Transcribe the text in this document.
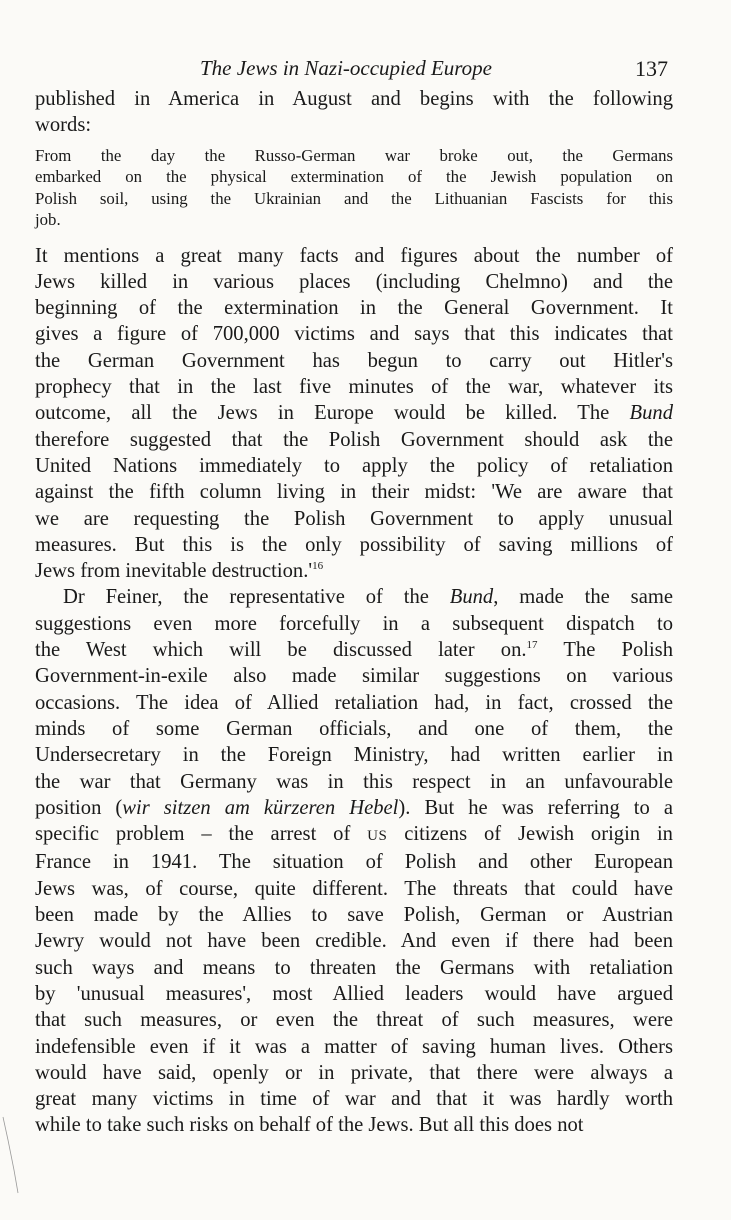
The Jews in Nazi-occupied Europe	137
published in America in August and begins with the following
words:
From the day the Russo-German war broke out, the Germans
embarked on the physical extermination of the Jewish population on
Polish soil, using the Ukrainian and the Lithuanian Fascists for this
job.
It mentions a great many facts and figures about the number of
Jews killed in various places (including Chelmno) and the
beginning of the extermination in the General Government. It
gives a figure of 700,000 victims and says that this indicates that
the German Government has begun to carry out Hitler's
prophecy that in the last five minutes of the war, whatever its
outcome, all the Jews in Europe would be killed. The Bund
therefore suggested that the Polish Government should ask the
United Nations immediately to apply the policy of retaliation
against the fifth column living in their midst: 'We are aware that
we are requesting the Polish Government to apply unusual
measures. But this is the only possibility of saving millions of
Jews from inevitable $destruction.'^{16}$
Dr Feiner, the representative of the Bund, made the same
suggestions even more forcefully in a subsequent dispatch to
the West which will be discussed later on.$^{17}$ The Polish
Government-in-exile also made similar suggestions on various
occasions. The idea of Allied retaliation had, in fact, crossed the
minds of some German officials, and one of them, the
Undersecretary in the Foreign Ministry, had written earlier in
the war that Germany was in this respect in an unfavourable
position (wir sitzen am kürzeren Hebel). But he was referring to a
specific problem – the arrest of US citizens of Jewish origin in
France in 1941. The situation of Polish and other European
Jews was, of course, quite different. The threats that could have
been made by the Allies to save Polish, German or Austrian
Jewry would not have been credible. And even if there had been
such ways and means to threaten the Germans with retaliation
by 'unusual measures', most Allied leaders would have argued
that such measures, or even the threat of such measures, were
indefensible even if it was a matter of saving human lives. Others
would have said, openly or in private, that there were always a
great many victims in time of war and that it was hardly worth
while to take such risks on behalf of the Jews. But all this does not
